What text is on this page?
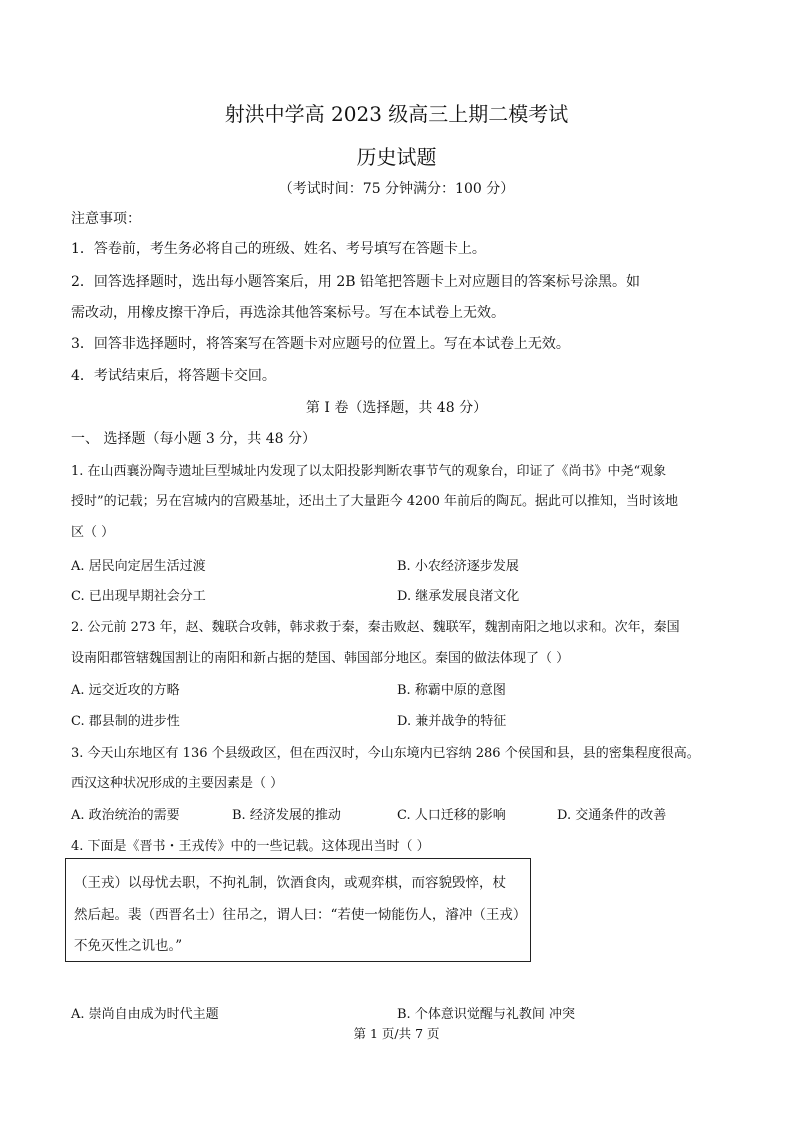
射洪中学高 2023 级高三上期二模考试
历史试题
（考试时间：75 分钟满分：100 分）
注意事项：
1．答卷前，考生务必将自己的班级、姓名、考号填写在答题卡上。
2．回答选择题时，选出每小题答案后，用 2B 铅笔把答题卡上对应题目的答案标号涂黑。如
需改动，用橡皮擦干净后，再选涂其他答案标号。写在本试卷上无效。
3．回答非选择题时，将答案写在答题卡对应题号的位置上。写在本试卷上无效。
4．考试结束后，将答题卡交回。
第 I 卷（选择题，共 48 分）
一、 选择题（每小题 3 分，共 48 分）
1. 在山西襄汾陶寺遗址巨型城址内发现了以太阳投影判断农事节气的观象台，印证了《尚书》中尧“观象
授时”的记载；另在宫城内的宫殿基址，还出土了大量距今 4200 年前后的陶瓦。据此可以推知，当时该地
区（ ）
A. 居民向定居生活过渡	B. 小农经济逐步发展
C. 已出现早期社会分工	D. 继承发展良渚文化
2. 公元前 273 年，赵、魏联合攻韩，韩求救于秦，秦击败赵、魏联军，魏割南阳之地以求和。次年，秦国
设南阳郡管辖魏国割让的南阳和新占据的楚国、韩国部分地区。秦国的做法体现了（ ）
A. 远交近攻的方略	B. 称霸中原的意图
C. 郡县制的进步性	D. 兼并战争的特征
3. 今天山东地区有 136 个县级政区，但在西汉时，今山东境内已容纳 286 个侯国和县，县的密集程度很高。
西汉这种状况形成的主要因素是（ ）
A. 政治统治的需要	B. 经济发展的推动	C. 人口迁移的影响	D. 交通条件的改善
4. 下面是《晋书・王戎传》中的一些记载。这体现出当时（ ）
（王戎）以母忧去职，不拘礼制，饮酒食肉，或观弈棋，而容貌毁悴，杖
然后起。裴（西晋名士）往吊之，谓人曰：“若使一恸能伤人，濬冲（王戎）
不免灭性之讥也。”
A. 崇尚自由成为时代主题	B. 个体意识觉醒与礼教间 冲突
第 1 页/共 7 页
